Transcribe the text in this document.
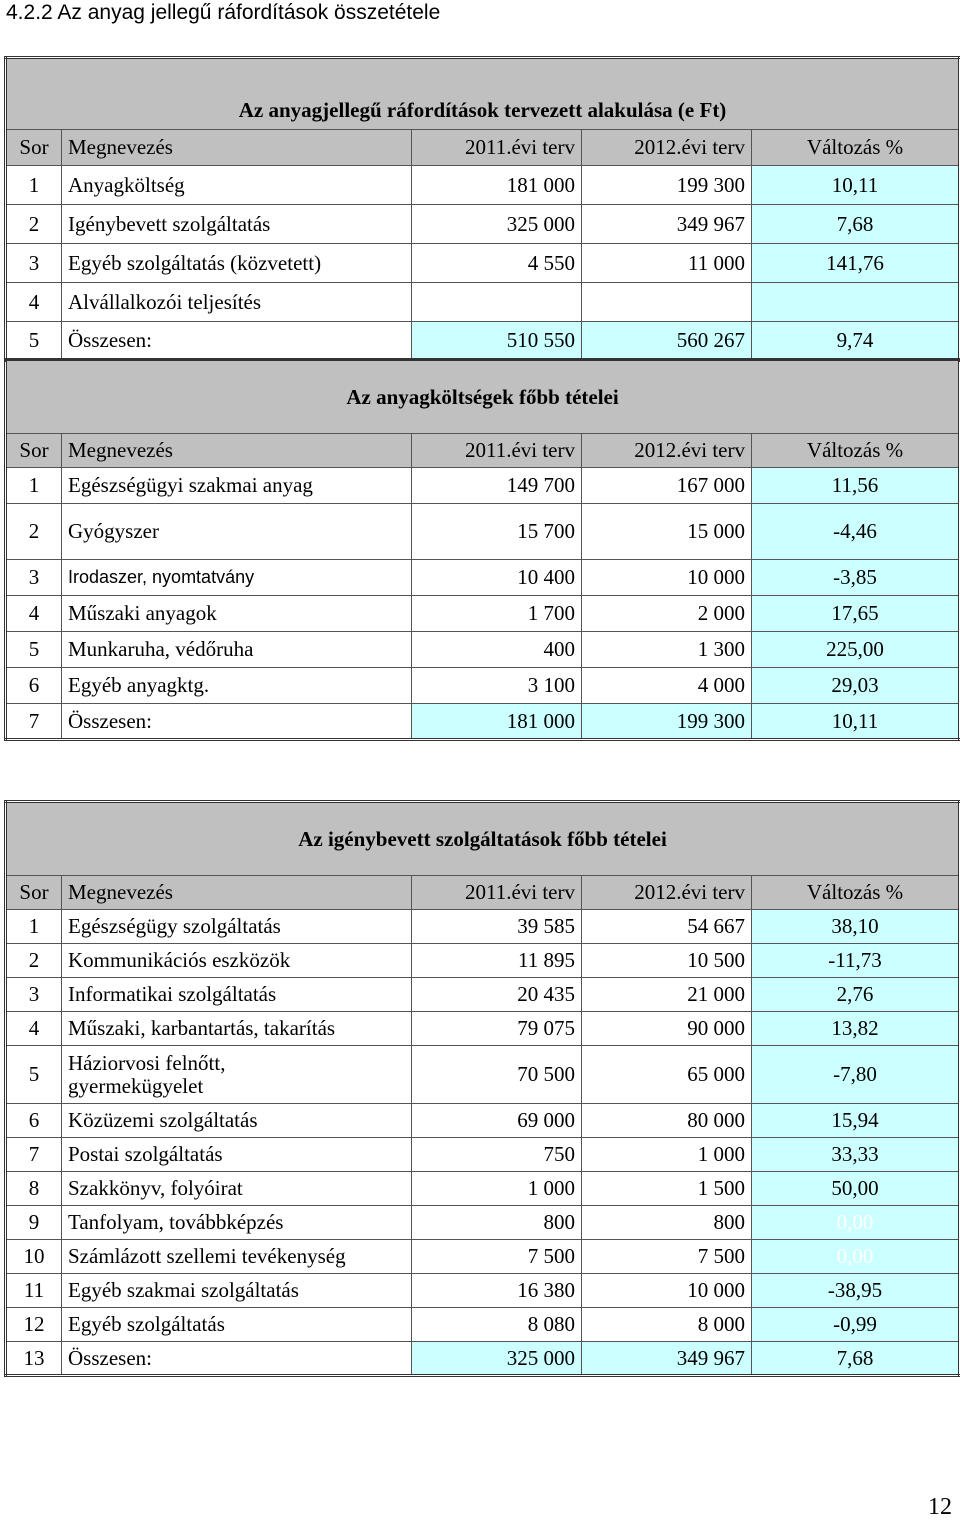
4.2.2 Az anyag jellegű ráfordítások összetétele
Az anyagjellegű ráfordítások tervezett alakulása (e Ft)				
Sor	Megnevezés	2011.évi terv	2012.évi terv	Változás %
1	Anyagköltség	181 000	199 300	10,11
2	Igénybevett szolgáltatás	325 000	349 967	7,68
3	Egyéb szolgáltatás (közvetett)	4 550	11 000	141,76
4	Alvállalkozói teljesítés			
5	Összesen:	510 550	560 267	9,74
Az anyagköltségek főbb tételei				
Sor	Megnevezés	2011.évi terv	2012.évi terv	Változás %
1	Egészségügyi szakmai anyag	149 700	167 000	11,56
2	Gyógyszer	15 700	15 000	-4,46
3	Irodaszer, nyomtatvány	10 400	10 000	-3,85
4	Műszaki anyagok	1 700	2 000	17,65
5	Munkaruha, védőruha	400	1 300	225,00
6	Egyéb anyagktg.	3 100	4 000	29,03
7	Összesen:	181 000	199 300	10,11
Az igénybevett szolgáltatások főbb tételei				
Sor	Megnevezés	2011.évi terv	2012.évi terv	Változás %
1	Egészségügy szolgáltatás	39 585	54 667	38,10
2	Kommunikációs eszközök	11 895	10 500	-11,73
3	Informatikai szolgáltatás	20 435	21 000	2,76
4	Műszaki, karbantartás, takarítás	79 075	90 000	13,82
5	Háziorvosi felnőtt, gyermekügyelet	70 500	65 000	-7,80
6	Közüzemi szolgáltatás	69 000	80 000	15,94
7	Postai szolgáltatás	750	1 000	33,33
8	Szakkönyv, folyóirat	1 000	1 500	50,00
9	Tanfolyam, továbbképzés	800	800	0,00
10	Számlázott szellemi tevékenység	7 500	7 500	0,00
11	Egyéb szakmai szolgáltatás	16 380	10 000	-38,95
12	Egyéb szolgáltatás	8 080	8 000	-0,99
13	Összesen:	325 000	349 967	7,68
12
